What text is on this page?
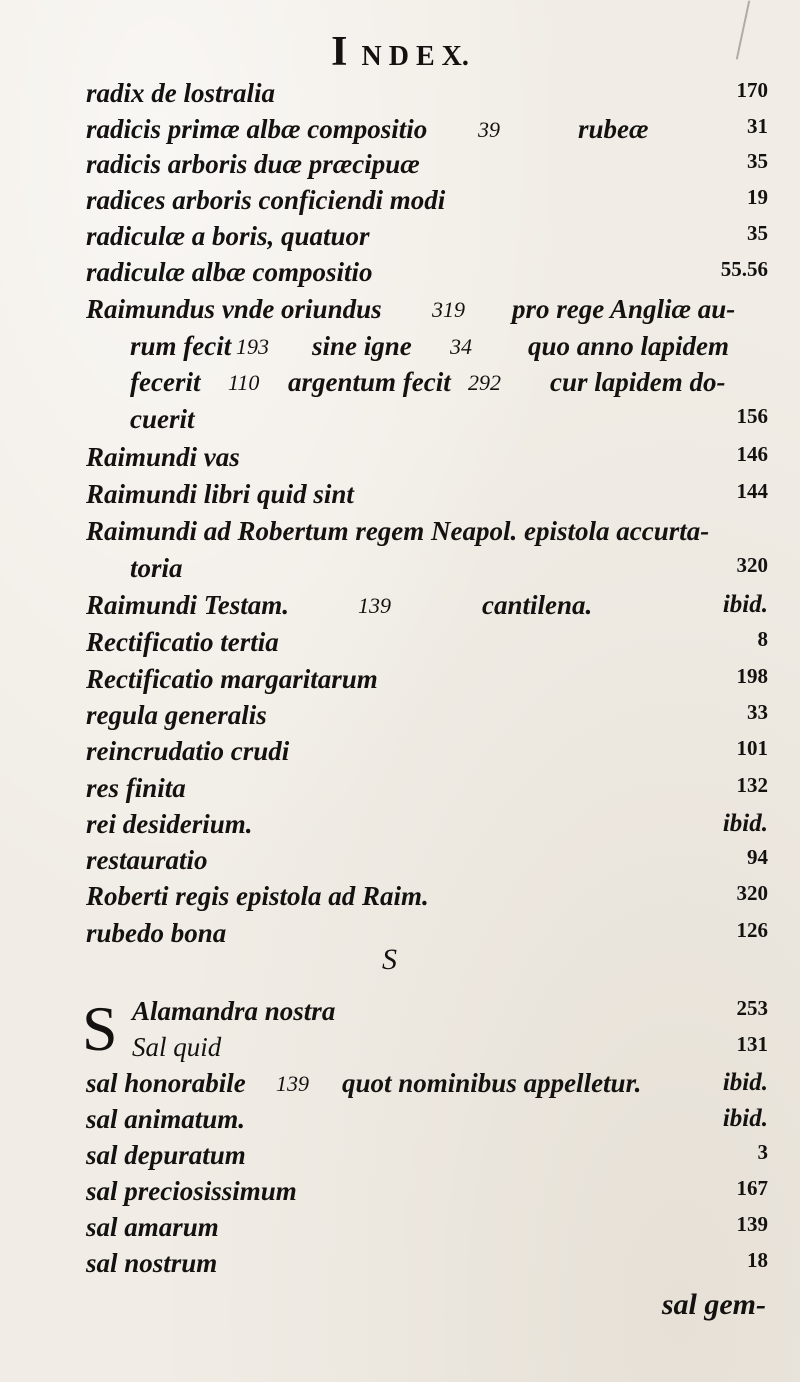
I N D E X.
radix de lostralia	170
radicis primæ albæ compositio 39	rubeæ	31
radicis arboris duæ præcipuæ	35
radices arboris conficiendi modi	19
radiculæ a boris, quatuor	35
radiculæ albæ compositio	55.56
Raimundus vnde oriundus 319 pro rege Angliæ au-
rum fecit 193 sine igne 34 quo anno lapidem
fecerit 110 argentum fecit 292 cur lapidem do-
cuerit	156
Raimundi vas	146
Raimundi libri quid sint	144
Raimundi ad Robertum regem Neapol. epistola accurta-
toria	320
Raimundi Testam.	139	cantilena.	ibid.
Rectificatio tertia	8
Rectificatio margaritarum	198
regula generalis	33
reincrudatio crudi	101
res finita	132
rei desiderium.	ibid.
restauratio	94
Roberti regis epistola ad Raim.	320
rubedo bona	126
S
S Alamandra nostra	253
Sal quid	131
sal honorabile 139 quot nominibus appelletur.	ibid.
sal animatum.	ibid.
sal depuratum	3
sal preciosissimum	167
sal amarum	139
sal nostrum	18
sal gem-
